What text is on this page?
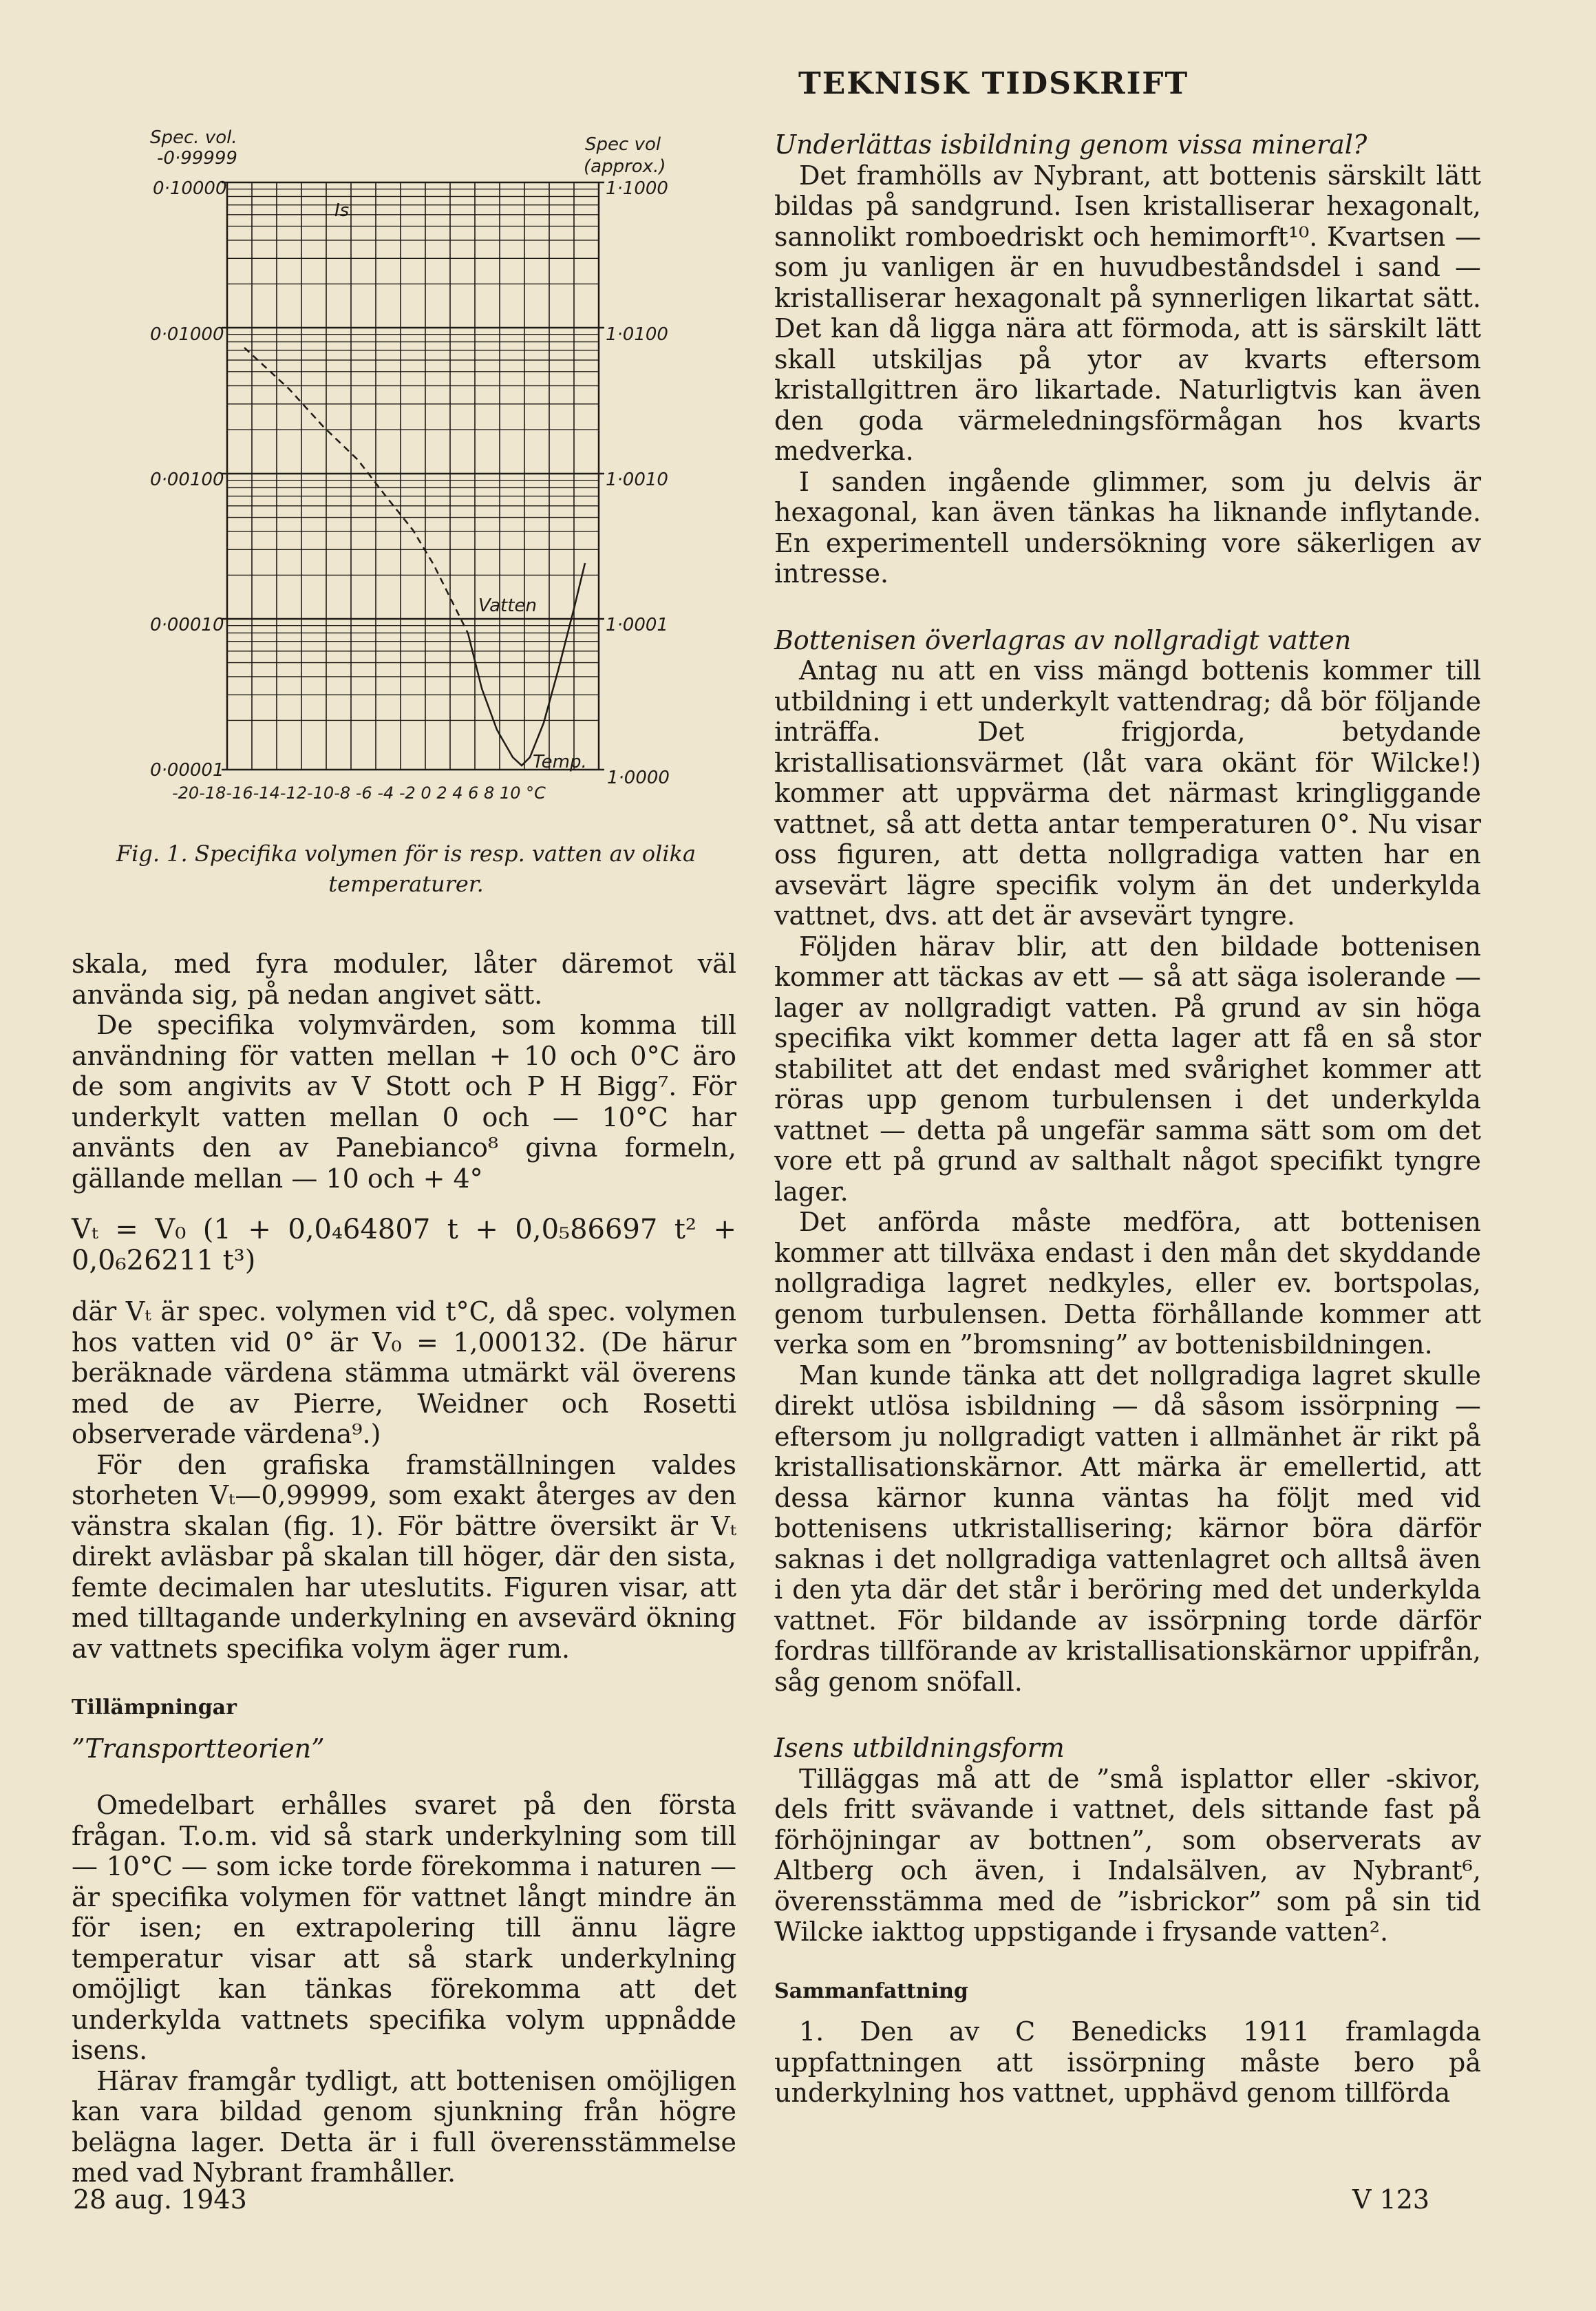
TEKNISK TIDSKRIFT
Spec. vol.
-0·99999
Spec vol
(approx.)
0·10000
0·01000
0·00100
0·00010
0·00001
1·1000
1·0100
1·0010
1·0001
1·0000
-20-18-16-14-12-10-8 -6 -4 -2 0 2 4 6 8 10 °C
Is
Vatten
Temp.
Fig. 1. Specifika volymen för is resp. vatten av olika temperaturer.

skala, med fyra moduler, låter däremot väl använda sig, på nedan angivet sätt.

De specifika volymvärden, som komma till användning för vatten mellan + 10 och 0°C äro de som angivits av V Stott och P H Bigg⁷. För underkylt vatten mellan 0 och — 10°C har använts den av Panebianco⁸ givna formeln, gällande mellan — 10 och + 4°

Vₜ = V₀ (1 + 0,0₄64807 t + 0,0₅86697 t² + 0,0₆26211 t³)

där Vₜ är spec. volymen vid t°C, då spec. volymen hos vatten vid 0° är V₀ = 1,000132. (De härur beräknade värdena stämma utmärkt väl överens med de av Pierre, Weidner och Rosetti observerade värdena⁹.)

För den grafiska framställningen valdes storheten Vₜ—0,99999, som exakt återges av den vänstra skalan (fig. 1). För bättre översikt är Vₜ direkt avläsbar på skalan till höger, där den sista, femte decimalen har uteslutits. Figuren visar, att med tilltagande underkylning en avsevärd ökning av vattnets specifika volym äger rum.

Tillämpningar

”Transportteorien”

Omedelbart erhålles svaret på den första frågan. T.o.m. vid så stark underkylning som till — 10°C — som icke torde förekomma i naturen — är specifika volymen för vattnet långt mindre än för isen; en extrapolering till ännu lägre temperatur visar att så stark underkylning omöjligt kan tänkas förekomma att det underkylda vattnets specifika volym uppnådde isens.

Härav framgår tydligt, att bottenisen omöjligen kan vara bildad genom sjunkning från högre belägna lager. Detta är i full överensstämmelse med vad Nybrant framhåller.

Underlättas isbildning genom vissa mineral?

Det framhölls av Nybrant, att bottenis särskilt lätt bildas på sandgrund. Isen kristalliserar hexagonalt, sannolikt romboedriskt och hemimorft¹⁰. Kvartsen — som ju vanligen är en huvudbeståndsdel i sand — kristalliserar hexagonalt på synnerligen likartat sätt. Det kan då ligga nära att förmoda, att is särskilt lätt skall utskiljas på ytor av kvarts eftersom kristallgittren äro likartade. Naturligtvis kan även den goda värmeledningsförmågan hos kvarts medverka.

I sanden ingående glimmer, som ju delvis är hexagonal, kan även tänkas ha liknande inflytande. En experimentell undersökning vore säkerligen av intresse.

Bottenisen överlagras av nollgradigt vatten

Antag nu att en viss mängd bottenis kommer till utbildning i ett underkylt vattendrag; då bör följande inträffa. Det frigjorda, betydande kristallisationsvärmet (låt vara okänt för Wilcke!) kommer att uppvärma det närmast kringliggande vattnet, så att detta antar temperaturen 0°. Nu visar oss figuren, att detta nollgradiga vatten har en avsevärt lägre specifik volym än det underkylda vattnet, dvs. att det är avsevärt tyngre.

Följden härav blir, att den bildade bottenisen kommer att täckas av ett — så att säga isolerande — lager av nollgradigt vatten. På grund av sin höga specifika vikt kommer detta lager att få en så stor stabilitet att det endast med svårighet kommer att röras upp genom turbulensen i det underkylda vattnet — detta på ungefär samma sätt som om det vore ett på grund av salthalt något specifikt tyngre lager.

Det anförda måste medföra, att bottenisen kommer att tillväxa endast i den mån det skyddande nollgradiga lagret nedkyles, eller ev. bortspolas, genom turbulensen. Detta förhållande kommer att verka som en ”bromsning” av bottenisbildningen.

Man kunde tänka att det nollgradiga lagret skulle direkt utlösa isbildning — då såsom issörpning — eftersom ju nollgradigt vatten i allmänhet är rikt på kristallisationskärnor. Att märka är emellertid, att dessa kärnor kunna väntas ha följt med vid bottenisens utkristallisering; kärnor böra därför saknas i det nollgradiga vattenlagret och alltså även i den yta där det står i beröring med det underkylda vattnet. För bildande av issörpning torde därför fordras tillförande av kristallisationskärnor uppifrån, såg genom snöfall.

Isens utbildningsform

Tilläggas må att de ”små isplattor eller -skivor, dels fritt svävande i vattnet, dels sittande fast på förhöjningar av bottnen”, som observerats av Altberg och även, i Indalsälven, av Nybrant⁶, överensstämma med de ”isbrickor” som på sin tid Wilcke iakttog uppstigande i frysande vatten².

Sammanfattning

1. Den av C Benedicks 1911 framlagda uppfattningen att issörpning måste bero på underkylning hos vattnet, upphävd genom tillförda

28 aug. 1943	V 123
